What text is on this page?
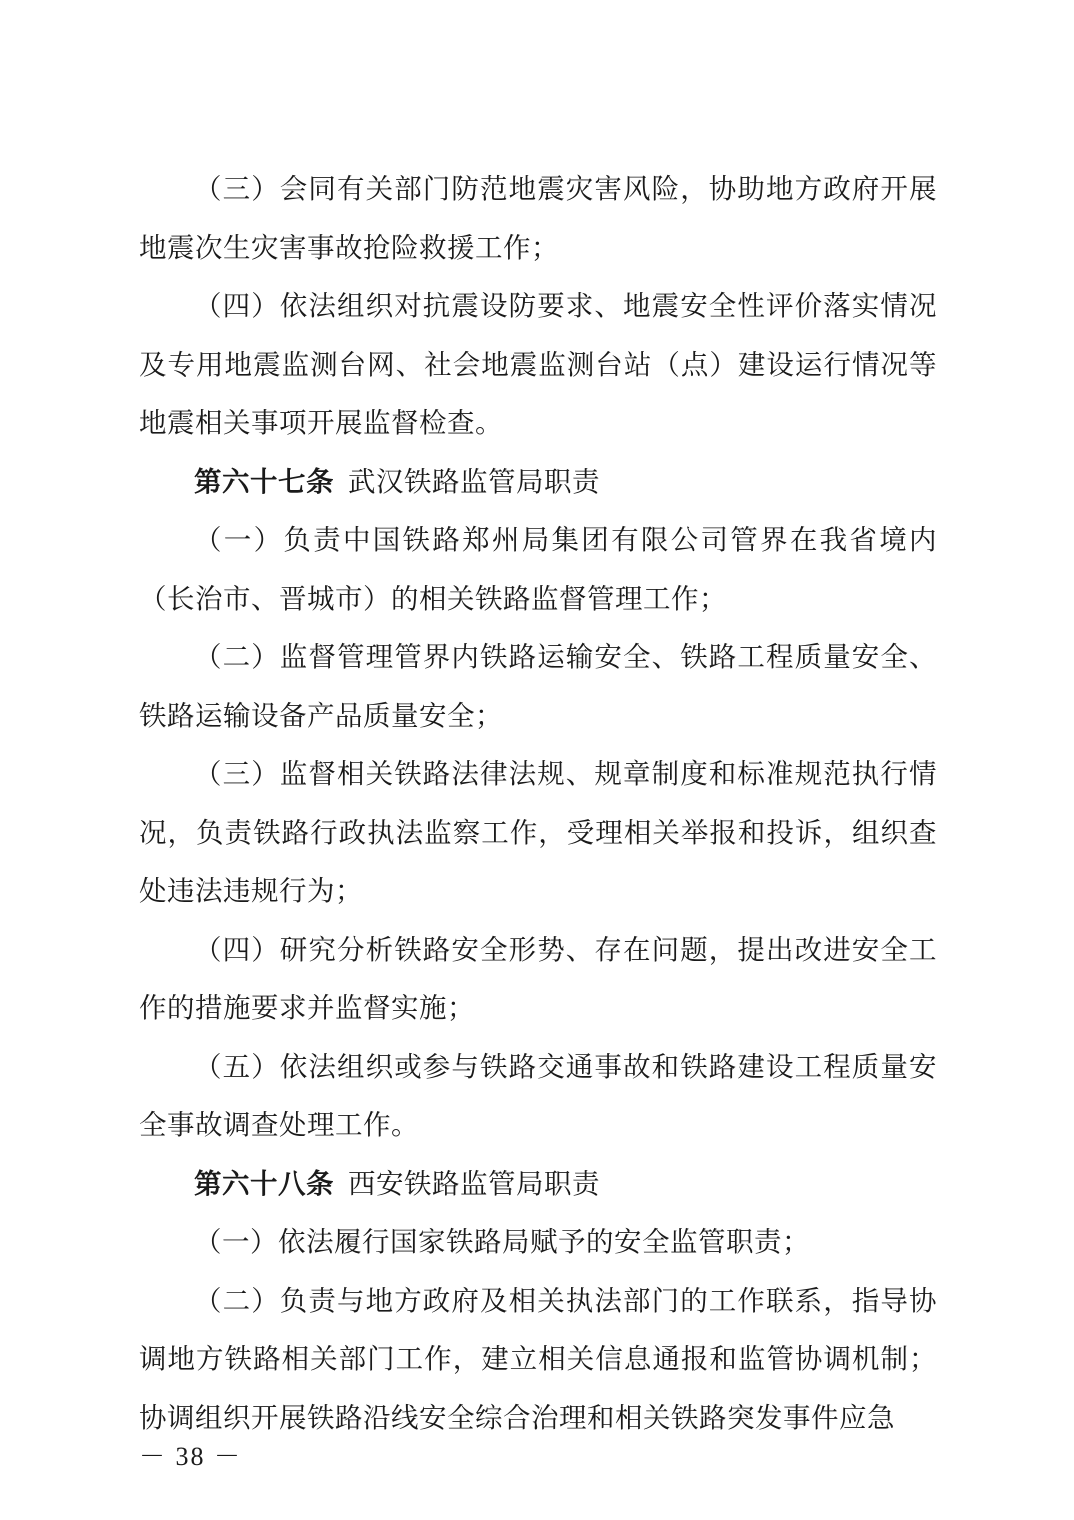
（三）会同有关部门防范地震灾害风险，协助地方政府开展地震次生灾害事故抢险救援工作；

（四）依法组织对抗震设防要求、地震安全性评价落实情况及专用地震监测台网、社会地震监测台站（点）建设运行情况等地震相关事项开展监督检查。

第六十七条 武汉铁路监管局职责

（一）负责中国铁路郑州局集团有限公司管界在我省境内（长治市、晋城市）的相关铁路监督管理工作；

（二）监督管理管界内铁路运输安全、铁路工程质量安全、铁路运输设备产品质量安全；

（三）监督相关铁路法律法规、规章制度和标准规范执行情况，负责铁路行政执法监察工作，受理相关举报和投诉，组织查处违法违规行为；

（四）研究分析铁路安全形势、存在问题，提出改进安全工作的措施要求并监督实施；

（五）依法组织或参与铁路交通事故和铁路建设工程质量安全事故调查处理工作。

第六十八条 西安铁路监管局职责

（一）依法履行国家铁路局赋予的安全监管职责；

（二）负责与地方政府及相关执法部门的工作联系，指导协调地方铁路相关部门工作，建立相关信息通报和监管协调机制；协调组织开展铁路沿线安全综合治理和相关铁路突发事件应急

－ 38 －
